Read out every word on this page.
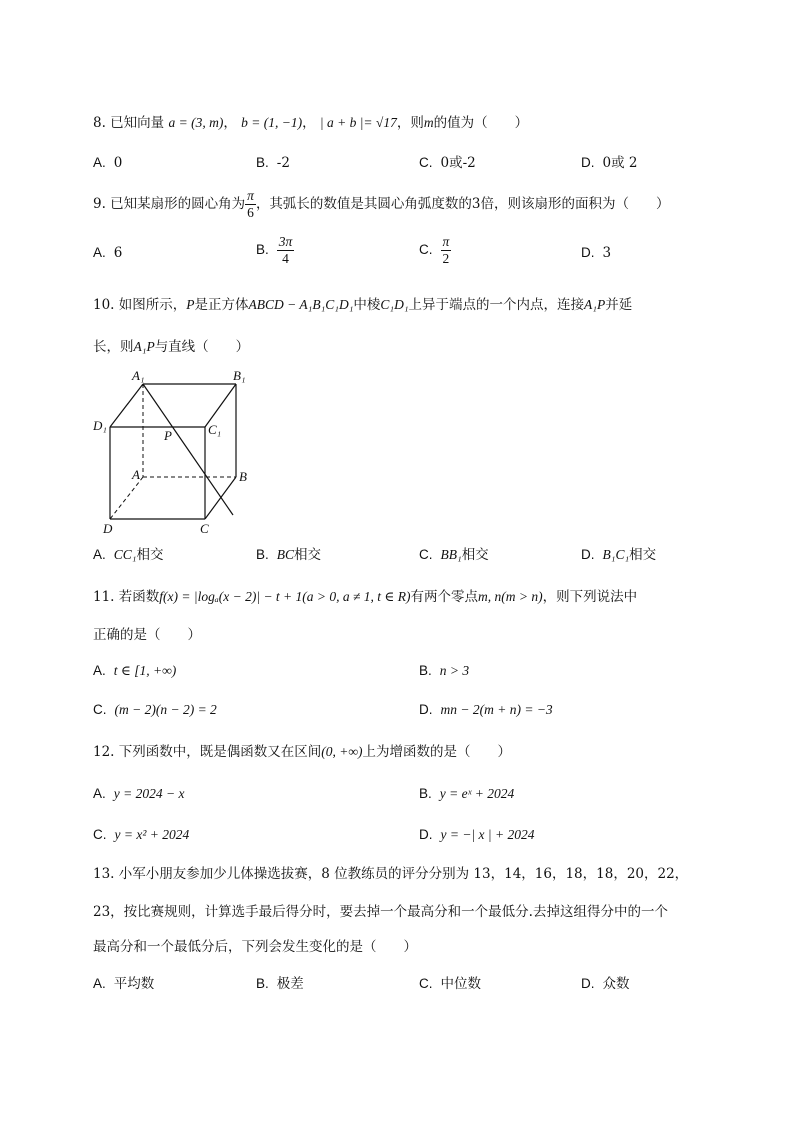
8. 已知向量 a = (3, m)， b = (1, −1)， | a + b |= √17，则m的值为（　　）
A. 0	B. -2	C. 0或-2	D. 0或 2
9. 已知某扇形的圆心角为 $\frac{\pi}{6}$ ，其弧长的数值是其圆心角弧度数的3倍，则该扇形的面积为（　　）
A. 6	B. $\frac{3\pi}{4}$	C. $\frac{\pi}{2}$	D. 3
10. 如图所示，P是正方体ABCD − A₁B₁C₁D₁中棱C₁D₁上异于端点的一个内点，连接A₁P并延
长，则A₁P与直线（　　）
A₁	B₁
D₁	C₁
P
A	B
D	C
A. CC₁相交	B. BC相交	C. BB₁相交	D. B₁C₁相交
11. 若函数f(x) = |logₐ(x − 2)| − t + 1(a > 0, a ≠ 1, t ∈ R)有两个零点m, n(m > n)，则下列说法中
正确的是（　　）
A. t ∈ [1, +∞)	B. n > 3
C. (m − 2)(n − 2) = 2	D. mn − 2(m + n) = −3
12. 下列函数中，既是偶函数又在区间(0, +∞)上为增函数的是（　　）
A. y = 2024 − x	B. y = eˣ + 2024
C. y = x² + 2024	D. y = −| x | + 2024
13. 小军小朋友参加少儿体操选拔赛，8 位教练员的评分分别为 13，14，16，18，18，20，22，
23，按比赛规则，计算选手最后得分时，要去掉一个最高分和一个最低分.去掉这组得分中的一个
最高分和一个最低分后，下列会发生变化的是（　　）
A. 平均数	B. 极差	C. 中位数	D. 众数
